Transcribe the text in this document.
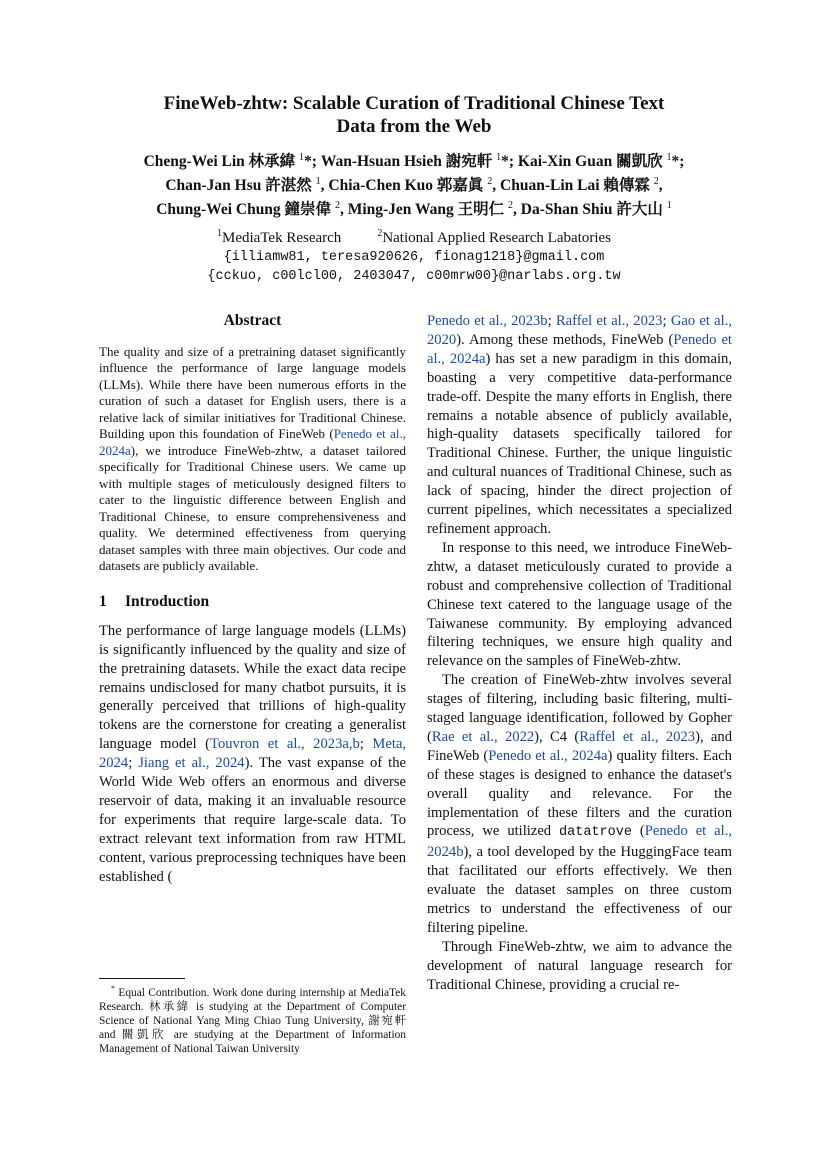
FineWeb-zhtw: Scalable Curation of Traditional Chinese Text
Data from the Web
Cheng-Wei Lin 林承緯 $^1$*; Wan-Hsuan Hsieh 謝宛軒 $^1$*; Kai-Xin Guan 關凱欣 $^1$*;
Chan-Jan Hsu 許湛然 $^1$, Chia-Chen Kuo 郭嘉眞 $^2$, Chuan-Lin Lai 賴傳霖 $^2$,
Chung-Wei Chung 鐘崇偉 $^2$, Ming-Jen Wang 王明仁 $^2$, Da-Shan Shiu 許大山 $^1$
$^1$MediaTek Research	$^2$National Applied Research Labatories
{illiamw81, teresa920626, fionag1218}@gmail.com
{cckuo, c00lcl00, 2403047, c00mrw00}@narlabs.org.tw
Abstract

The quality and size of a pretraining dataset significantly influence the performance of large language models (LLMs). While there have been numerous efforts in the curation of such a dataset for English users, there is a relative lack of similar initiatives for Traditional Chinese. Building upon this foundation of FineWeb (Penedo et al., 2024a), we introduce FineWeb-zhtw, a dataset tailored specifically for Traditional Chinese users. We came up with multiple stages of meticulously designed filters to cater to the linguistic difference between English and Traditional Chinese, to ensure comprehensiveness and quality. We determined effectiveness from querying dataset samples with three main objectives. Our code and datasets are publicly available.

1 Introduction

The performance of large language models (LLMs) is significantly influenced by the quality and size of the pretraining datasets. While the exact data recipe remains undisclosed for many chatbot pursuits, it is generally perceived that trillions of high-quality tokens are the cornerstone for creating a generalist language model (Touvron et al., 2023a,b; Meta, 2024; Jiang et al., 2024). The vast expanse of the World Wide Web offers an enormous and diverse reservoir of data, making it an invaluable resource for experiments that require large-scale data. To extract relevant text information from raw HTML content, various preprocessing techniques have been established (

* Equal Contribution. Work done during internship at MediaTek Research. 林承緯 is studying at the Department of Computer Science of National Yang Ming Chiao Tung University, 謝宛軒 and 關凱欣 are studying at the Department of Information Management of National Taiwan University

Penedo et al., 2023b; Raffel et al., 2023; Gao et al., 2020). Among these methods, FineWeb (Penedo et al., 2024a) has set a new paradigm in this domain, boasting a very competitive data-performance trade-off. Despite the many efforts in English, there remains a notable absence of publicly available, high-quality datasets specifically tailored for Traditional Chinese. Further, the unique linguistic and cultural nuances of Traditional Chinese, such as lack of spacing, hinder the direct projection of current pipelines, which necessitates a specialized refinement approach.

In response to this need, we introduce FineWeb-zhtw, a dataset meticulously curated to provide a robust and comprehensive collection of Traditional Chinese text catered to the language usage of the Taiwanese community. By employing advanced filtering techniques, we ensure high quality and relevance on the samples of FineWeb-zhtw.

The creation of FineWeb-zhtw involves several stages of filtering, including basic filtering, multi-staged language identification, followed by Gopher (Rae et al., 2022), C4 (Raffel et al., 2023), and FineWeb (Penedo et al., 2024a) quality filters. Each of these stages is designed to enhance the dataset's overall quality and relevance. For the implementation of these filters and the curation process, we utilized datatrove (Penedo et al., 2024b), a tool developed by the HuggingFace team that facilitated our efforts effectively. We then evaluate the dataset samples on three custom metrics to understand the effectiveness of our filtering pipeline.

Through FineWeb-zhtw, we aim to advance the development of natural language research for Traditional Chinese, providing a crucial re-
